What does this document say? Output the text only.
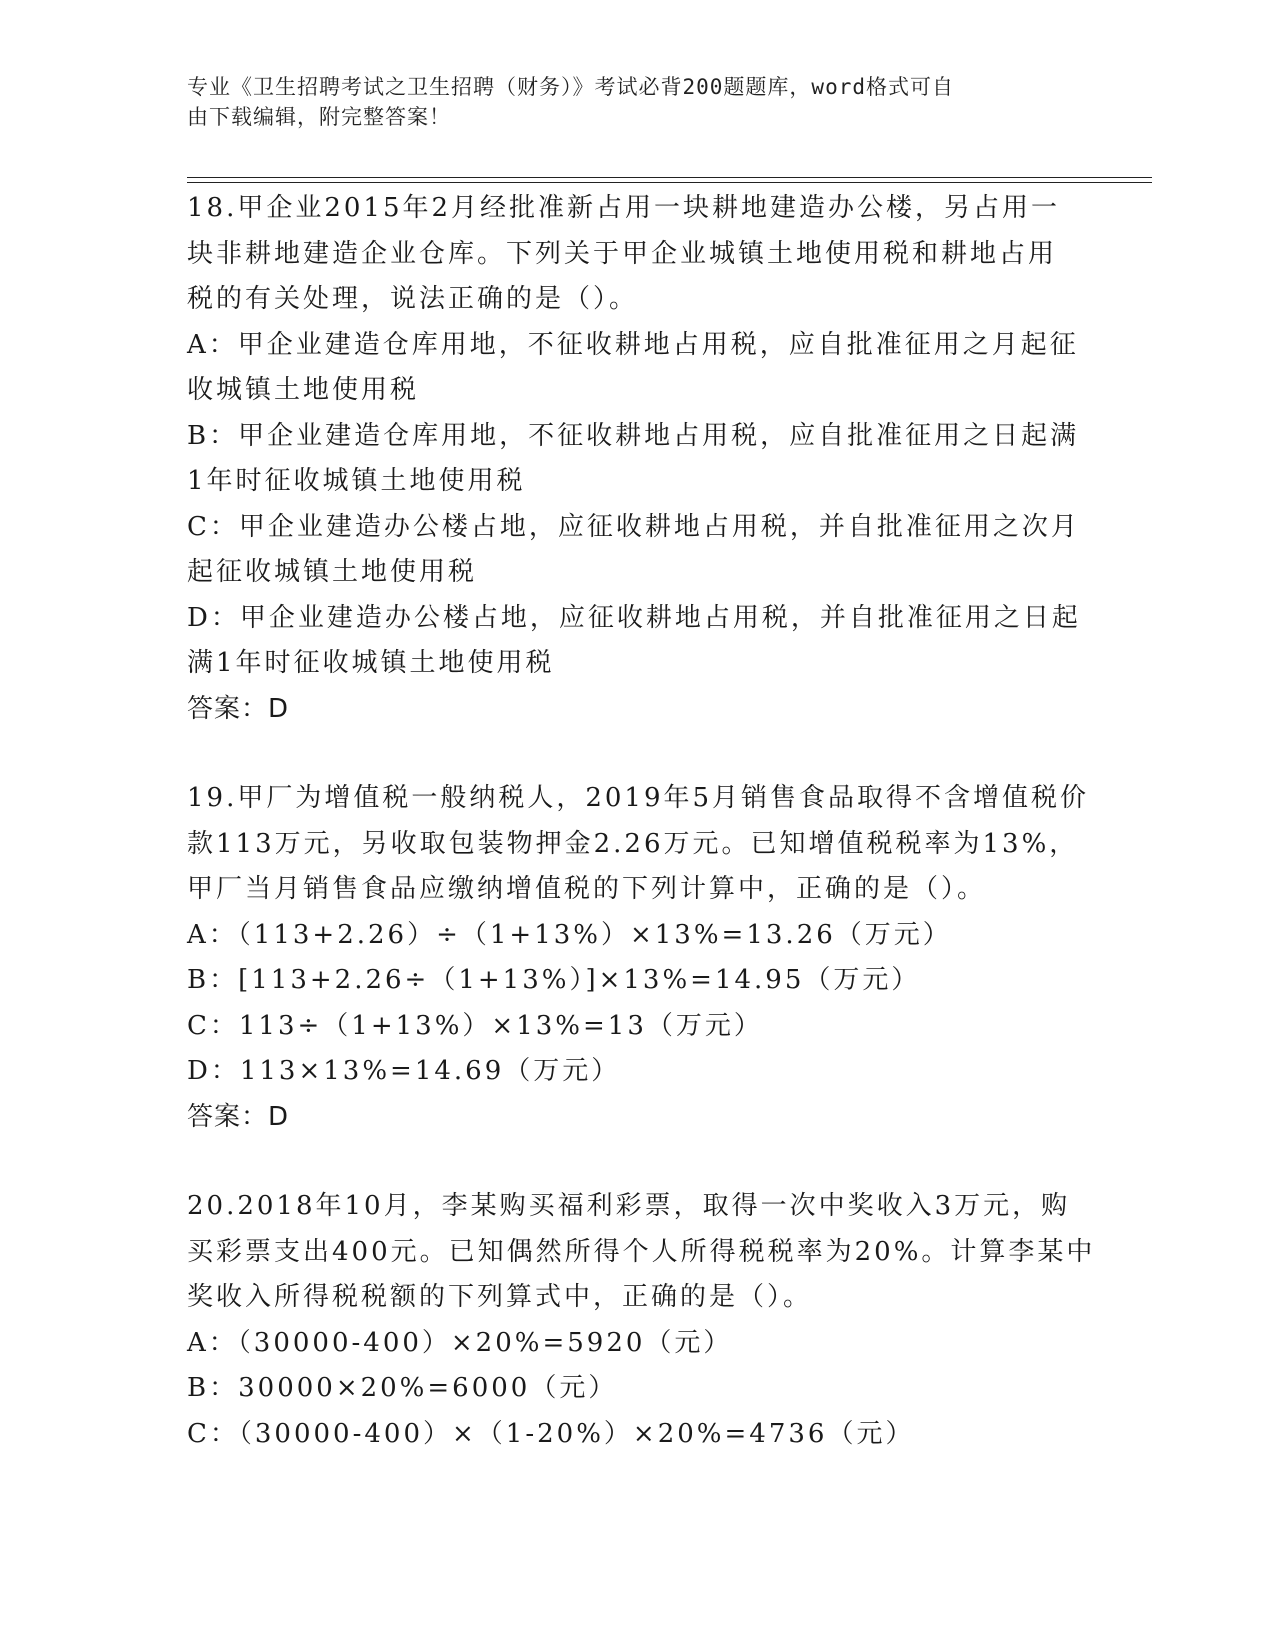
专业《卫生招聘考试之卫生招聘（财务）》考试必背200题题库，word格式可自
由下载编辑，附完整答案！
18.甲企业2015年2月经批准新占用一块耕地建造办公楼，另占用一
块非耕地建造企业仓库。下列关于甲企业城镇土地使用税和耕地占用
税的有关处理，说法正确的是（）。
A：甲企业建造仓库用地，不征收耕地占用税，应自批准征用之月起征
收城镇土地使用税
B：甲企业建造仓库用地，不征收耕地占用税，应自批准征用之日起满
1年时征收城镇土地使用税
C：甲企业建造办公楼占地，应征收耕地占用税，并自批准征用之次月
起征收城镇土地使用税
D：甲企业建造办公楼占地，应征收耕地占用税，并自批准征用之日起
满1年时征收城镇土地使用税
答案：D
19.甲厂为增值税一般纳税人，2019年5月销售食品取得不含增值税价
款113万元，另收取包装物押金2.26万元。已知增值税税率为13%，
甲厂当月销售食品应缴纳增值税的下列计算中，正确的是（）。
A：（113+2.26）÷（1+13%）×13%=13.26（万元）
B：[113+2.26÷（1+13%）]×13%=14.95（万元）
C：113÷（1+13%）×13%=13（万元）
D：113×13%=14.69（万元）
答案：D
20.2018年10月，李某购买福利彩票，取得一次中奖收入3万元，购
买彩票支出400元。已知偶然所得个人所得税税率为20%。计算李某中
奖收入所得税税额的下列算式中，正确的是（）。
A：（30000-400）×20%=5920（元）
B：30000×20%=6000（元）
C：（30000-400）×（1-20%）×20%=4736（元）
